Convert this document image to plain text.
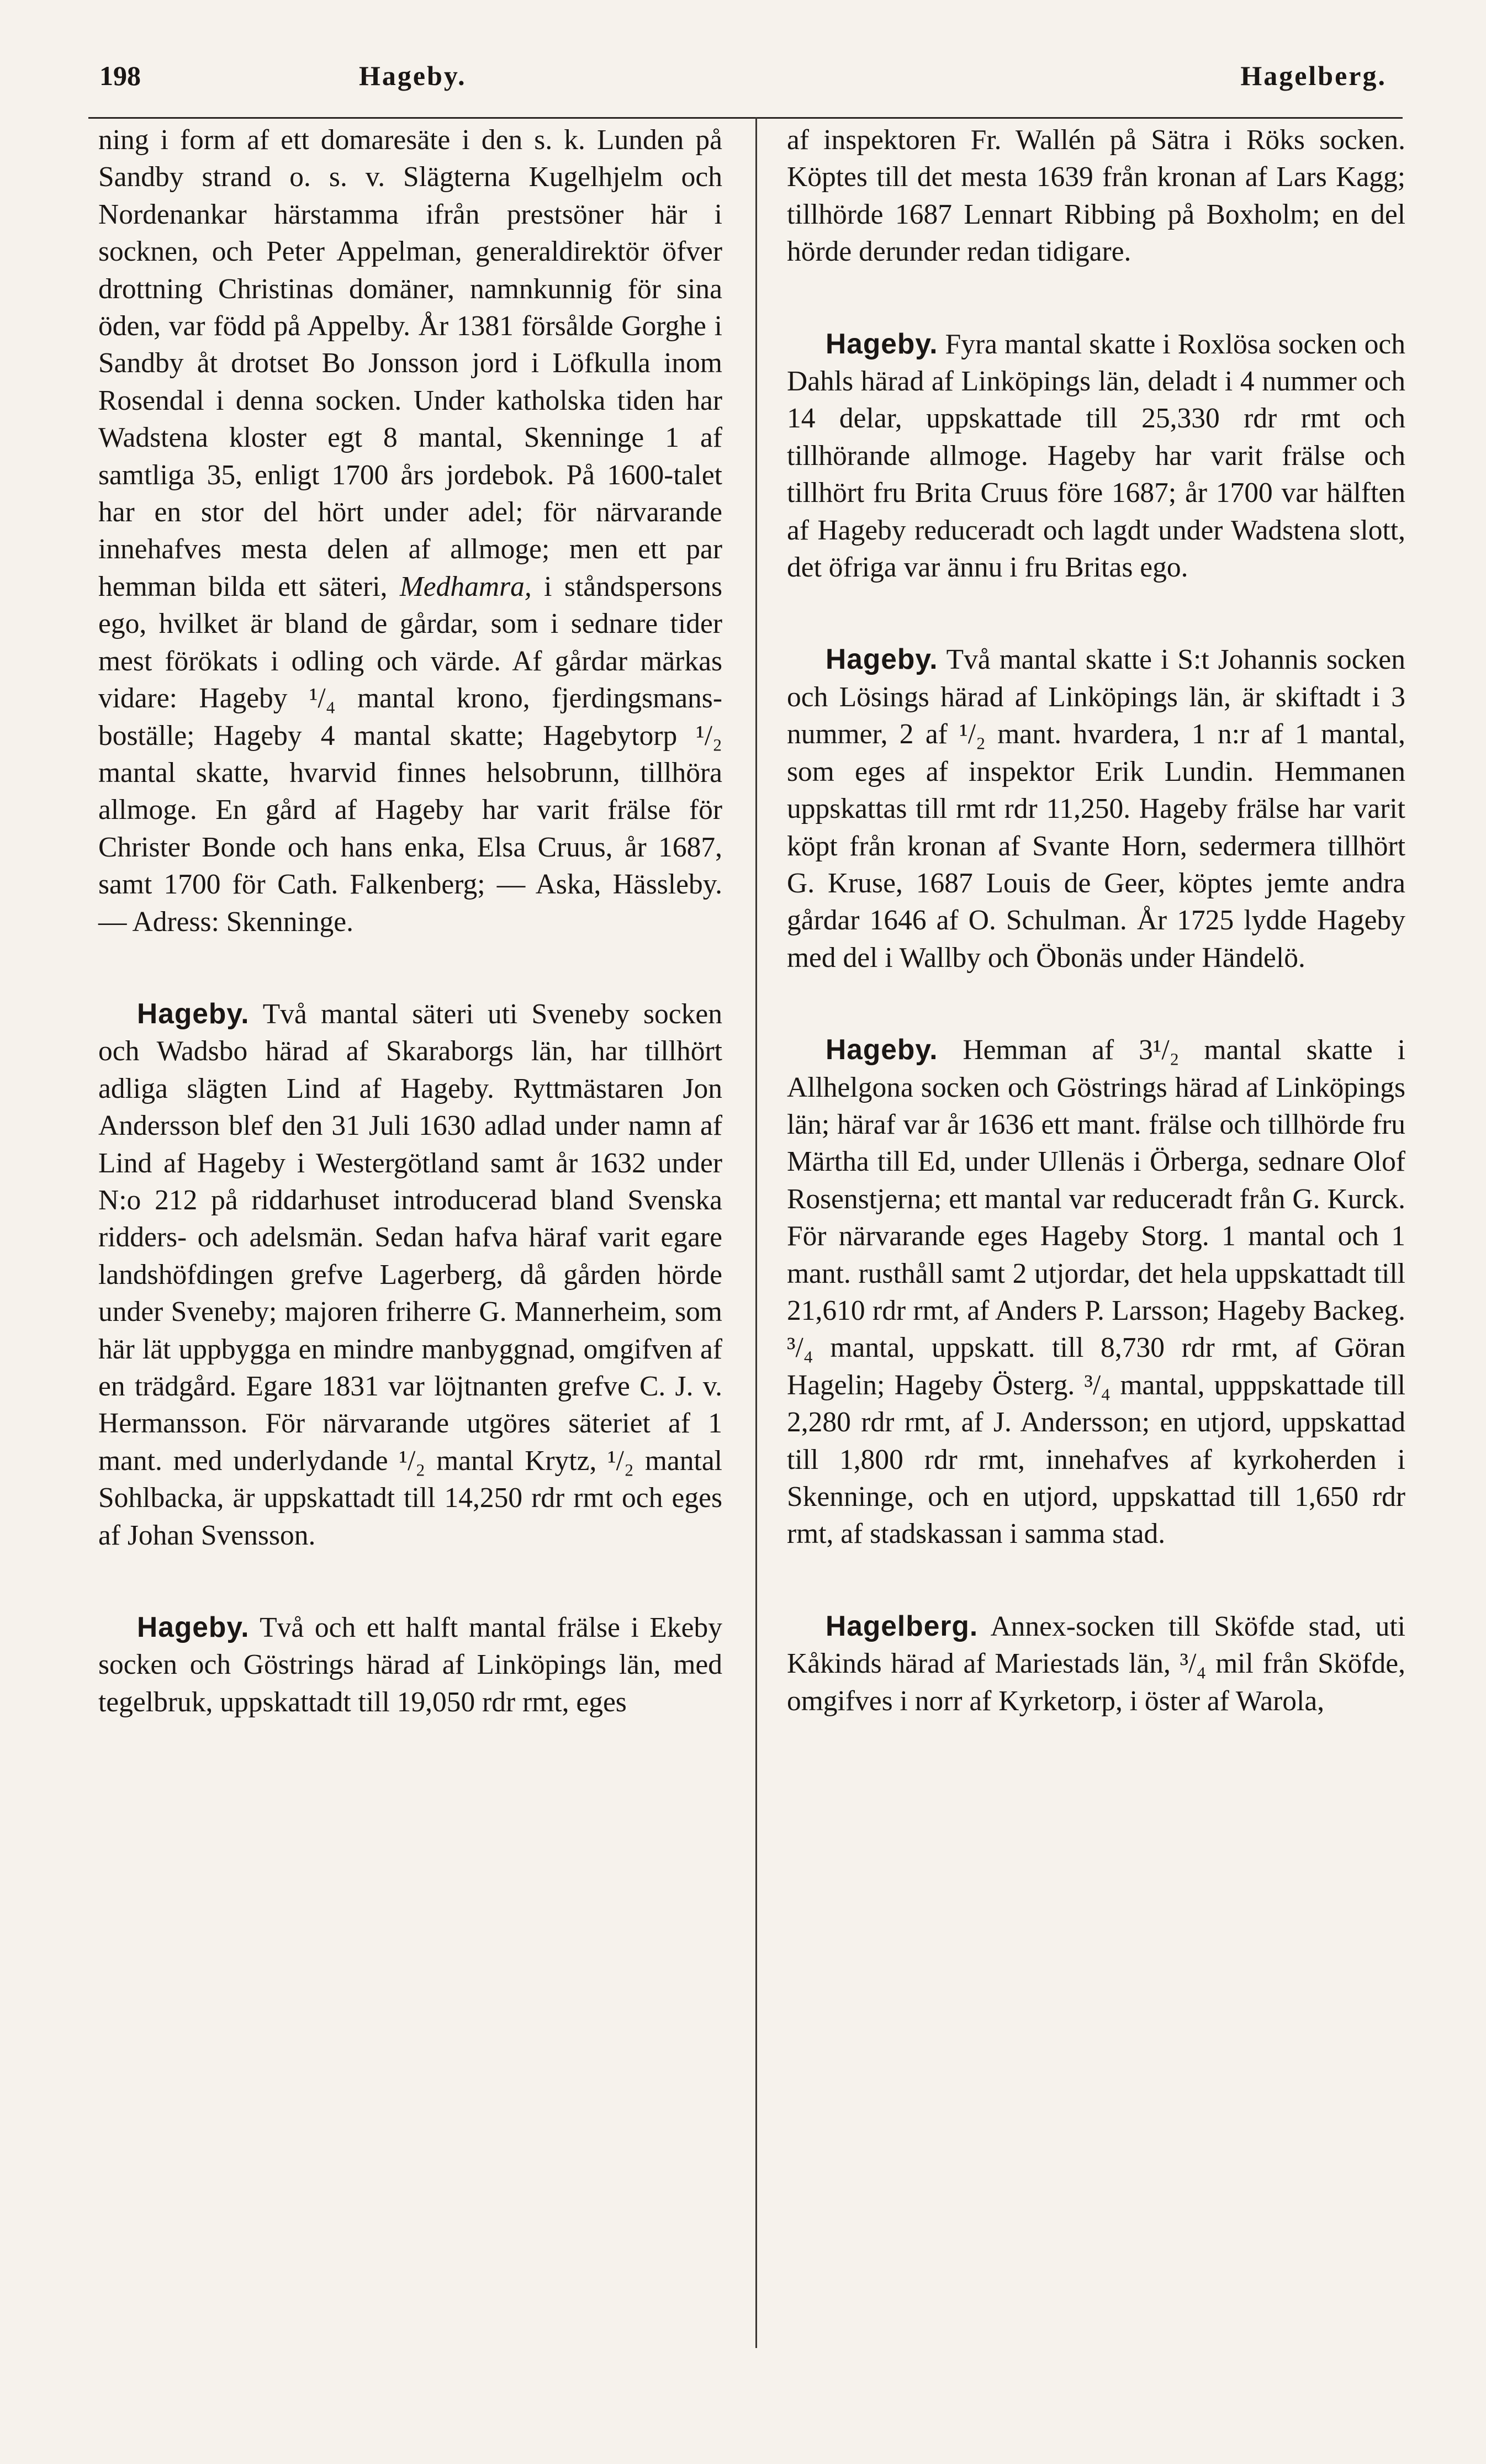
198	Hageby.	Hagelberg.

ning i form af ett domaresäte i den s. k. Lunden på Sandby strand o. s. v. Slägterna Kugelhjelm och Nordenankar härstamma ifrån prestsöner här i socknen, och Peter Appelman, generaldirektör öfver drottning Christinas domäner, namnkunnig för sina öden, var född på Appelby. År 1381 försålde Gorghe i Sandby åt drotset Bo Jonsson jord i Löfkulla inom Rosendal i denna socken. Under katholska tiden har Wadstena kloster egt 8 mantal, Skenninge 1 af samtliga 35, enligt 1700 års jordebok. På 1600-talet har en stor del hört under adel; för närvarande innehafves mesta delen af allmoge; men ett par hemman bilda ett säteri, Medhamra, i ståndspersons ego, hvilket är bland de gårdar, som i sednare tider mest förökats i odling och värde. Af gårdar märkas vidare: Hageby ¹/₄ mantal krono, fjerdingsmans-boställe; Hageby 4 mantal skatte; Hagebytorp ¹/₂ mantal skatte, hvarvid finnes helsobrunn, tillhöra allmoge. En gård af Hageby har varit frälse för Christer Bonde och hans enka, Elsa Cruus, år 1687, samt 1700 för Cath. Falkenberg; — Aska, Hässleby. — Adress: Skenninge.

Hageby. Två mantal säteri uti Sveneby socken och Wadsbo härad af Skaraborgs län, har tillhört adliga slägten Lind af Hageby. Ryttmästaren Jon Andersson blef den 31 Juli 1630 adlad under namn af Lind af Hageby i Westergötland samt år 1632 under N:o 212 på riddarhuset introducerad bland Svenska ridders- och adelsmän. Sedan hafva häraf varit egare landshöfdingen grefve Lagerberg, då gården hörde under Sveneby; majoren friherre G. Mannerheim, som här lät uppbygga en mindre manbyggnad, omgifven af en trädgård. Egare 1831 var löjtnanten grefve C. J. v. Hermansson. För närvarande utgöres säteriet af 1 mant. med underlydande ¹/₂ mantal Krytz, ¹/₂ mantal Sohlbacka, är uppskattadt till 14,250 rdr rmt och eges af Johan Svensson.

Hageby. Två och ett halft mantal frälse i Ekeby socken och Göstrings härad af Linköpings län, med tegelbruk, uppskattadt till 19,050 rdr rmt, eges

af inspektoren Fr. Wallén på Sätra i Röks socken. Köptes till det mesta 1639 från kronan af Lars Kagg; tillhörde 1687 Lennart Ribbing på Boxholm; en del hörde derunder redan tidigare.

Hageby. Fyra mantal skatte i Roxlösa socken och Dahls härad af Linköpings län, deladt i 4 nummer och 14 delar, uppskattade till 25,330 rdr rmt och tillhörande allmoge. Hageby har varit frälse och tillhört fru Brita Cruus före 1687; år 1700 var hälften af Hageby reduceradt och lagdt under Wadstena slott, det öfriga var ännu i fru Britas ego.

Hageby. Två mantal skatte i S:t Johannis socken och Lösings härad af Linköpings län, är skiftadt i 3 nummer, 2 af ¹/₂ mant. hvardera, 1 n:r af 1 mantal, som eges af inspektor Erik Lundin. Hemmanen uppskattas till rmt rdr 11,250. Hageby frälse har varit köpt från kronan af Svante Horn, sedermera tillhört G. Kruse, 1687 Louis de Geer, köptes jemte andra gårdar 1646 af O. Schulman. År 1725 lydde Hageby med del i Wallby och Öbonäs under Händelö.

Hageby. Hemman af 3¹/₂ mantal skatte i Allhelgona socken och Göstrings härad af Linköpings län; häraf var år 1636 ett mant. frälse och tillhörde fru Märtha till Ed, under Ullenäs i Örberga, sednare Olof Rosenstjerna; ett mantal var reduceradt från G. Kurck. För närvarande eges Hageby Storg. 1 mantal och 1 mant. rusthåll samt 2 utjordar, det hela uppskattadt till 21,610 rdr rmt, af Anders P. Larsson; Hageby Backeg. ³/₄ mantal, uppskatt. till 8,730 rdr rmt, af Göran Hagelin; Hageby Österg. ³/₄ mantal, upppskattade till 2,280 rdr rmt, af J. Andersson; en utjord, uppskattad till 1,800 rdr rmt, innehafves af kyrkoherden i Skenninge, och en utjord, uppskattad till 1,650 rdr rmt, af stadskassan i samma stad.

Hagelberg. Annex-socken till Sköfde stad, uti Kåkinds härad af Mariestads län, ³/₄ mil från Sköfde, omgifves i norr af Kyrketorp, i öster af Warola,
